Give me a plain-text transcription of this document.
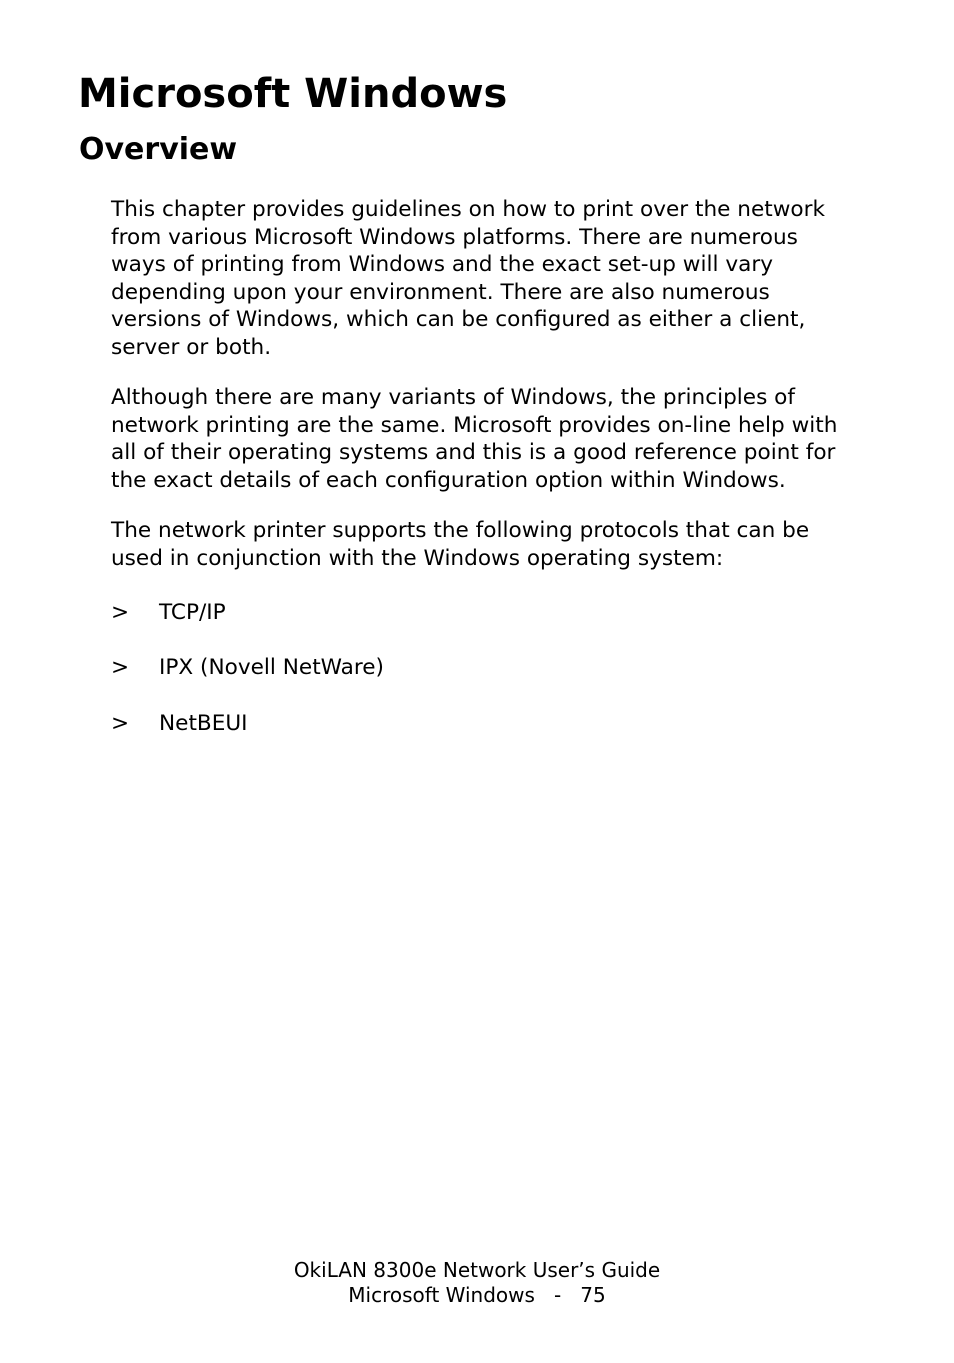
Microsoft Windows
Overview

This chapter provides guidelines on how to print over the network
from various Microsoft Windows platforms. There are numerous
ways of printing from Windows and the exact set-up will vary
depending upon your environment. There are also numerous
versions of Windows, which can be configured as either a client,
server or both.

Although there are many variants of Windows, the principles of
network printing are the same. Microsoft provides on-line help with
all of their operating systems and this is a good reference point for
the exact details of each configuration option within Windows.

The network printer supports the following protocols that can be
used in conjunction with the Windows operating system:

> TCP/IP
> IPX (Novell NetWare)
> NetBEUI
OkiLAN 8300e Network User’s Guide
Microsoft Windows   -   75
